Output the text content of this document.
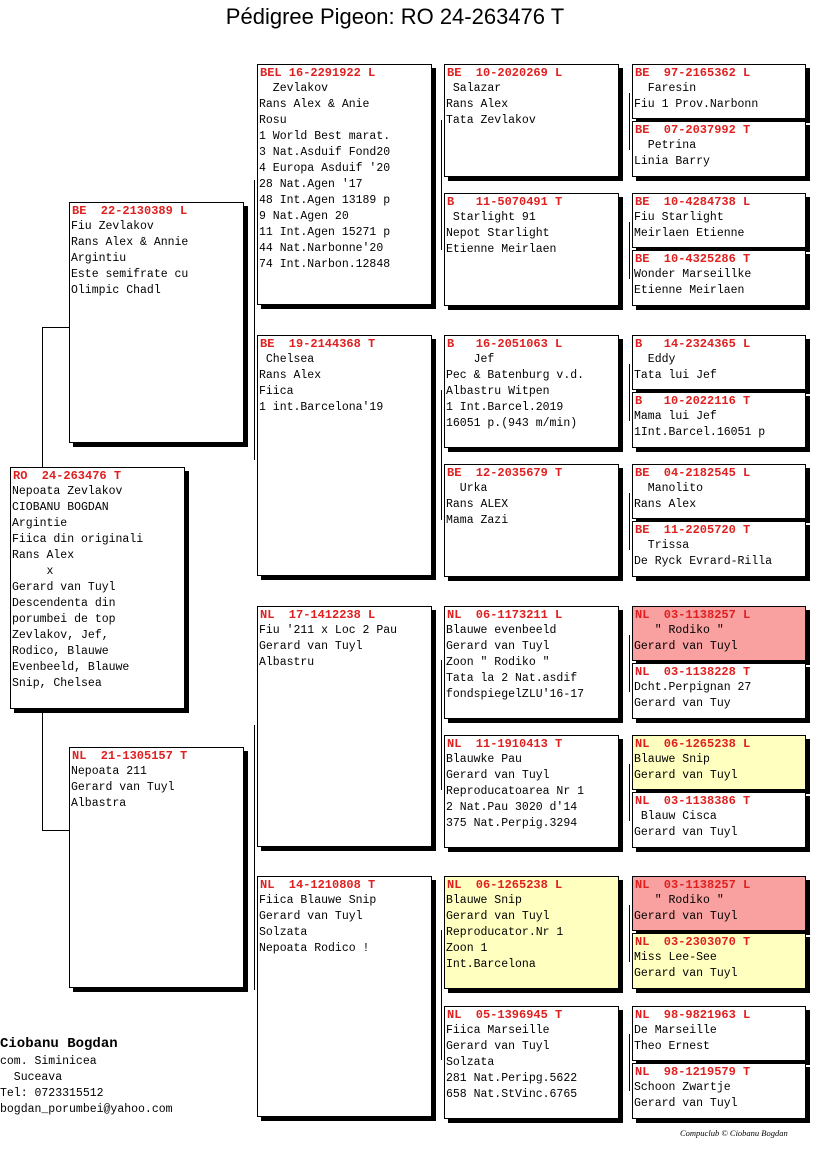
Pédigree Pigeon: RO 24-263476 T
RO  24-263476 T
Nepoata Zevlakov
CIOBANU BOGDAN
Argintie
Fiica din originali
Rans Alex
x
Gerard van Tuyl
Descendenta din
porumbei de top
Zevlakov, Jef,
Rodico, Blauwe
Evenbeeld, Blauwe
Snip, Chelsea
BE  22-2130389 L
Fiu Zevlakov
Rans Alex & Annie
Argintiu
Este semifrate cu
Olimpic Chadl
NL  21-1305157 T
Nepoata 211
Gerard van Tuyl
Albastra
BEL 16-2291922 L
Zevlakov
Rans Alex & Anie
Rosu
1 World Best marat.
3 Nat.Asduif Fond20
4 Europa Asduif '20
28 Nat.Agen '17
48 Int.Agen 13189 p
9 Nat.Agen 20
11 Int.Agen 15271 p
44 Nat.Narbonne'20
74 Int.Narbon.12848
BE  19-2144368 T
Chelsea
Rans Alex
Fiica
1 int.Barcelona'19
NL  17-1412238 L
Fiu '211 x Loc 2 Pau
Gerard van Tuyl
Albastru
NL  14-1210808 T
Fiica Blauwe Snip
Gerard van Tuyl
Solzata
Nepoata Rodico !
BE  10-2020269 L
Salazar
Rans Alex
Tata Zevlakov
B   11-5070491 T
Starlight 91
Nepot Starlight
Etienne Meirlaen
B   16-2051063 L
Jef
Pec & Batenburg v.d.
Albastru Witpen
1 Int.Barcel.2019
16051 p.(943 m/min)
BE  12-2035679 T
Urka
Rans ALEX
Mama Zazi
NL  06-1173211 L
Blauwe evenbeeld
Gerard van Tuyl
Zoon " Rodiko "
Tata la 2 Nat.asdif
fondspiegelZLU'16-17
NL  11-1910413 T
Blauwke Pau
Gerard van Tuyl
Reproducatoarea Nr 1
2 Nat.Pau 3020 d'14
375 Nat.Perpig.3294
NL  06-1265238 L
Blauwe Snip
Gerard van Tuyl
Reproducator.Nr 1
Zoon 1
Int.Barcelona
NL  05-1396945 T
Fiica Marseille
Gerard van Tuyl
Solzata
281 Nat.Peripg.5622
658 Nat.StVinc.6765
BE  97-2165362 L
Faresin
Fiu 1 Prov.Narbonn
BE  07-2037992 T
Petrina
Linia Barry
BE  10-4284738 L
Fiu Starlight
Meirlaen Etienne
BE  10-4325286 T
Wonder Marseillke
Etienne Meirlaen
B   14-2324365 L
Eddy
Tata lui Jef
B   10-2022116 T
Mama lui Jef
1Int.Barcel.16051 p
BE  04-2182545 L
Manolito
Rans Alex
BE  11-2205720 T
Trissa
De Ryck Evrard-Rilla
NL  03-1138257 L
" Rodiko "
Gerard van Tuyl
NL  03-1138228 T
Dcht.Perpignan 27
Gerard van Tuy
NL  06-1265238 L
Blauwe Snip
Gerard van Tuyl
NL  03-1138386 T
Blauw Cisca
Gerard van Tuyl
NL  03-1138257 L
" Rodiko "
Gerard van Tuyl
NL  03-2303070 T
Miss Lee-See
Gerard van Tuyl
NL  98-9821963 L
De Marseille
Theo Ernest
NL  98-1219579 T
Schoon Zwartje
Gerard van Tuyl
Ciobanu Bogdan
com. Siminicea
Suceava
Tel: 0723315512
bogdan_porumbei@yahoo.com
Compuclub © Ciobanu Bogdan
